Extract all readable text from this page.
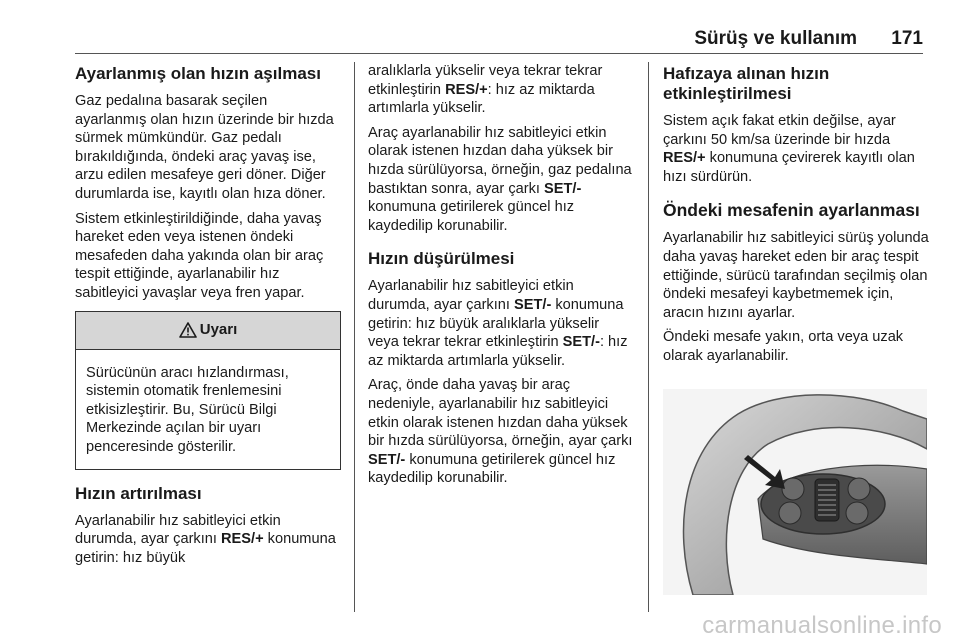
Sürüş ve kullanım 171
Ayarlanmış olan hızın aşılması

Gaz pedalına basarak seçilen ayarlanmış olan hızın üzerinde bir hızda sürmek mümkündür. Gaz pedalı bırakıldığında, öndeki araç yavaş ise, arzu edilen mesafeye geri döner. Diğer durumlarda ise, kayıtlı olan hıza döner.

Sistem etkinleştirildiğinde, daha yavaş hareket eden veya istenen öndeki mesafeden daha yakında olan bir araç tespit ettiğinde, ayarlanabilir hız sabitleyici yavaşlar veya fren yapar.

Uyarı
Sürücünün aracı hızlandırması, sistemin otomatik frenlemesini etkisizleştirir. Bu, Sürücü Bilgi Merkezinde açılan bir uyarı penceresinde gösterilir.
Hızın artırılması

Ayarlanabilir hız sabitleyici etkin durumda, ayar çarkını RES/+ konumuna getirin: hız büyük

aralıklarla yükselir veya tekrar tekrar etkinleştirin RES/+: hız az miktarda artımlarla yükselir.

Araç ayarlanabilir hız sabitleyici etkin olarak istenen hızdan daha yüksek bir hızda sürülüyorsa, örneğin, gaz pedalına bastıktan sonra, ayar çarkı SET/- konumuna getirilerek güncel hız kaydedilip korunabilir.

Hızın düşürülmesi

Ayarlanabilir hız sabitleyici etkin durumda, ayar çarkını SET/- konumuna getirin: hız büyük aralıklarla yükselir veya tekrar tekrar etkinleştirin SET/-: hız az miktarda artımlarla yükselir.

Araç, önde daha yavaş bir araç nedeniyle, ayarlanabilir hız sabitleyici etkin olarak istenen hızdan daha yüksek bir hızda sürülüyorsa, örneğin, ayar çarkı SET/- konumuna getirilerek güncel hız kaydedilip korunabilir.

Hafızaya alınan hızın etkinleştirilmesi

Sistem açık fakat etkin değilse, ayar çarkını 50 km/sa üzerinde bir hızda RES/+ konumuna çevirerek kayıtlı olan hızı sürdürün.

Öndeki mesafenin ayarlanması

Ayarlanabilir hız sabitleyici sürüş yolunda daha yavaş hareket eden bir araç tespit ettiğinde, sürücü tarafından seçilmiş olan öndeki mesafeyi kaybetmemek için, aracın hızını ayarlar.

Öndeki mesafe yakın, orta veya uzak olarak ayarlanabilir.

carmanualsonline.info
